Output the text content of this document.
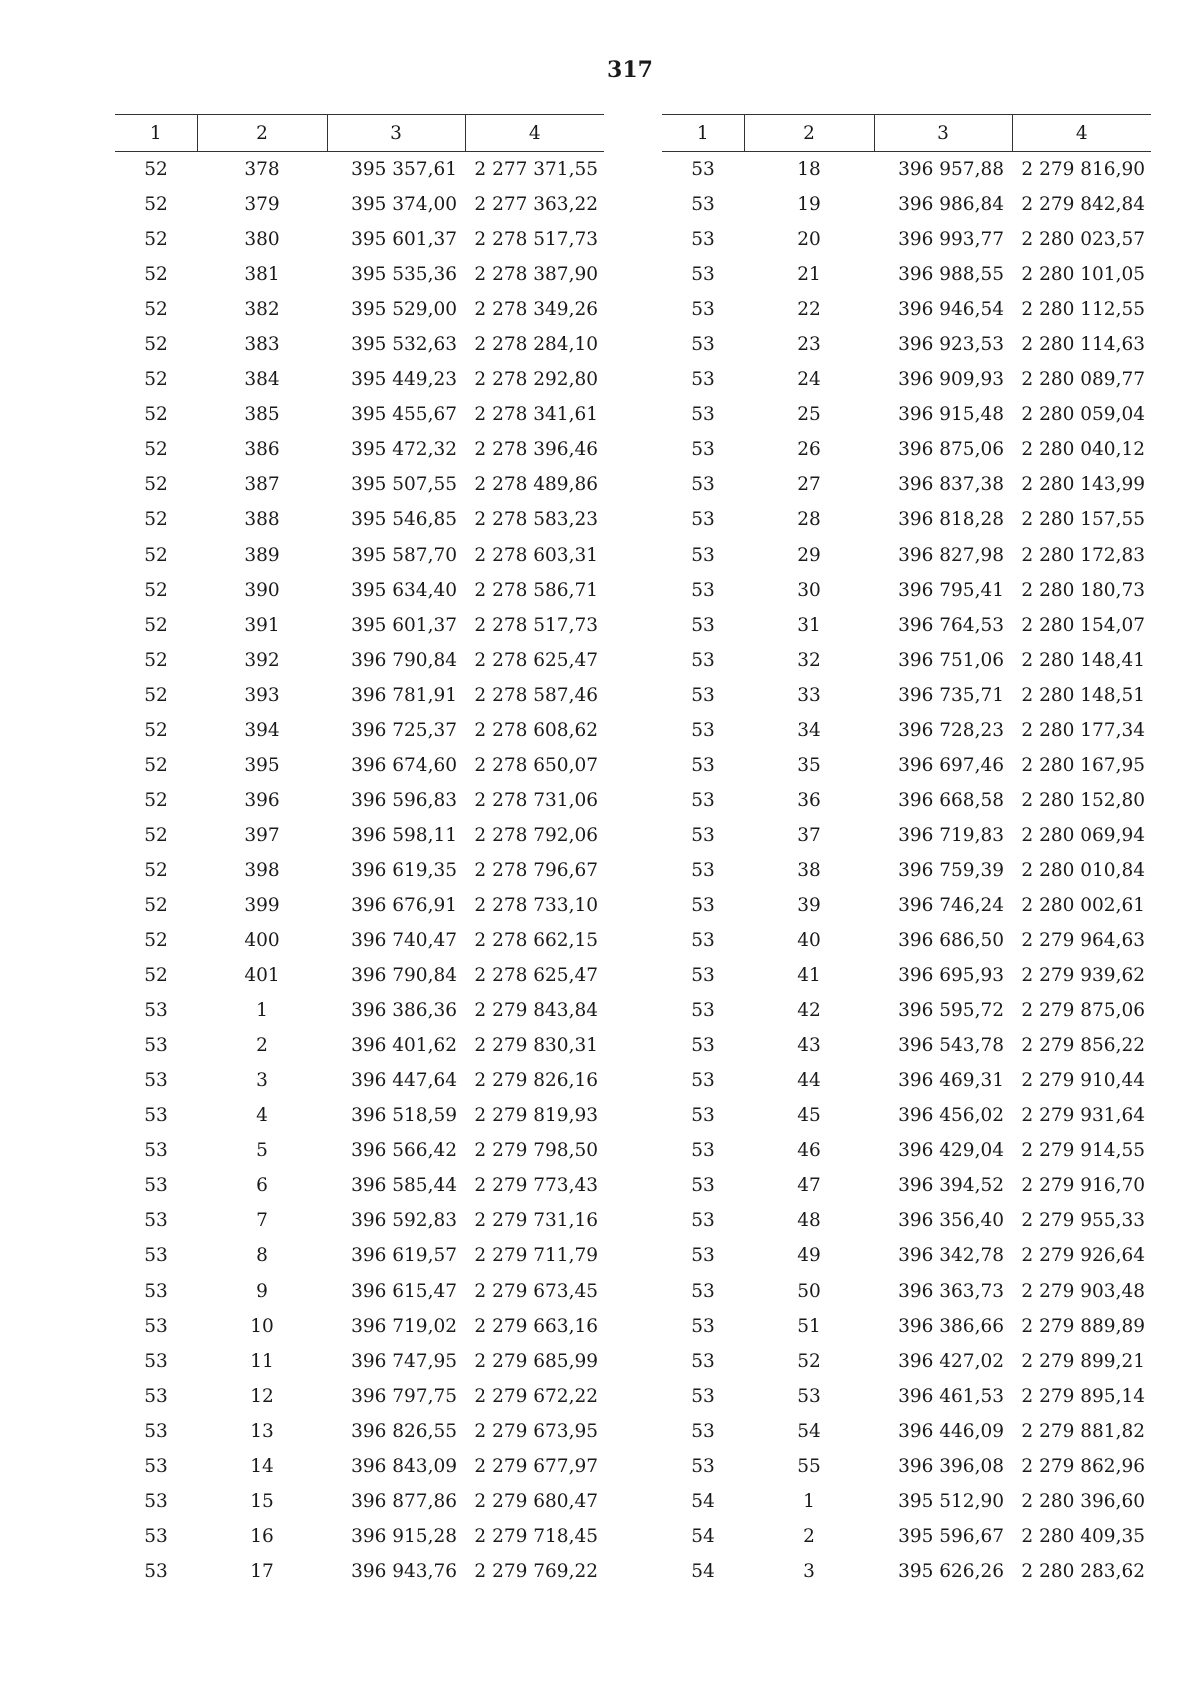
317
1	2	3	4
52	378	395 357,61	2 277 371,55
52	379	395 374,00	2 277 363,22
52	380	395 601,37	2 278 517,73
52	381	395 535,36	2 278 387,90
52	382	395 529,00	2 278 349,26
52	383	395 532,63	2 278 284,10
52	384	395 449,23	2 278 292,80
52	385	395 455,67	2 278 341,61
52	386	395 472,32	2 278 396,46
52	387	395 507,55	2 278 489,86
52	388	395 546,85	2 278 583,23
52	389	395 587,70	2 278 603,31
52	390	395 634,40	2 278 586,71
52	391	395 601,37	2 278 517,73
52	392	396 790,84	2 278 625,47
52	393	396 781,91	2 278 587,46
52	394	396 725,37	2 278 608,62
52	395	396 674,60	2 278 650,07
52	396	396 596,83	2 278 731,06
52	397	396 598,11	2 278 792,06
52	398	396 619,35	2 278 796,67
52	399	396 676,91	2 278 733,10
52	400	396 740,47	2 278 662,15
52	401	396 790,84	2 278 625,47
53	1	396 386,36	2 279 843,84
53	2	396 401,62	2 279 830,31
53	3	396 447,64	2 279 826,16
53	4	396 518,59	2 279 819,93
53	5	396 566,42	2 279 798,50
53	6	396 585,44	2 279 773,43
53	7	396 592,83	2 279 731,16
53	8	396 619,57	2 279 711,79
53	9	396 615,47	2 279 673,45
53	10	396 719,02	2 279 663,16
53	11	396 747,95	2 279 685,99
53	12	396 797,75	2 279 672,22
53	13	396 826,55	2 279 673,95
53	14	396 843,09	2 279 677,97
53	15	396 877,86	2 279 680,47
53	16	396 915,28	2 279 718,45
53	17	396 943,76	2 279 769,22
1	2	3	4
53	18	396 957,88	2 279 816,90
53	19	396 986,84	2 279 842,84
53	20	396 993,77	2 280 023,57
53	21	396 988,55	2 280 101,05
53	22	396 946,54	2 280 112,55
53	23	396 923,53	2 280 114,63
53	24	396 909,93	2 280 089,77
53	25	396 915,48	2 280 059,04
53	26	396 875,06	2 280 040,12
53	27	396 837,38	2 280 143,99
53	28	396 818,28	2 280 157,55
53	29	396 827,98	2 280 172,83
53	30	396 795,41	2 280 180,73
53	31	396 764,53	2 280 154,07
53	32	396 751,06	2 280 148,41
53	33	396 735,71	2 280 148,51
53	34	396 728,23	2 280 177,34
53	35	396 697,46	2 280 167,95
53	36	396 668,58	2 280 152,80
53	37	396 719,83	2 280 069,94
53	38	396 759,39	2 280 010,84
53	39	396 746,24	2 280 002,61
53	40	396 686,50	2 279 964,63
53	41	396 695,93	2 279 939,62
53	42	396 595,72	2 279 875,06
53	43	396 543,78	2 279 856,22
53	44	396 469,31	2 279 910,44
53	45	396 456,02	2 279 931,64
53	46	396 429,04	2 279 914,55
53	47	396 394,52	2 279 916,70
53	48	396 356,40	2 279 955,33
53	49	396 342,78	2 279 926,64
53	50	396 363,73	2 279 903,48
53	51	396 386,66	2 279 889,89
53	52	396 427,02	2 279 899,21
53	53	396 461,53	2 279 895,14
53	54	396 446,09	2 279 881,82
53	55	396 396,08	2 279 862,96
54	1	395 512,90	2 280 396,60
54	2	395 596,67	2 280 409,35
54	3	395 626,26	2 280 283,62
